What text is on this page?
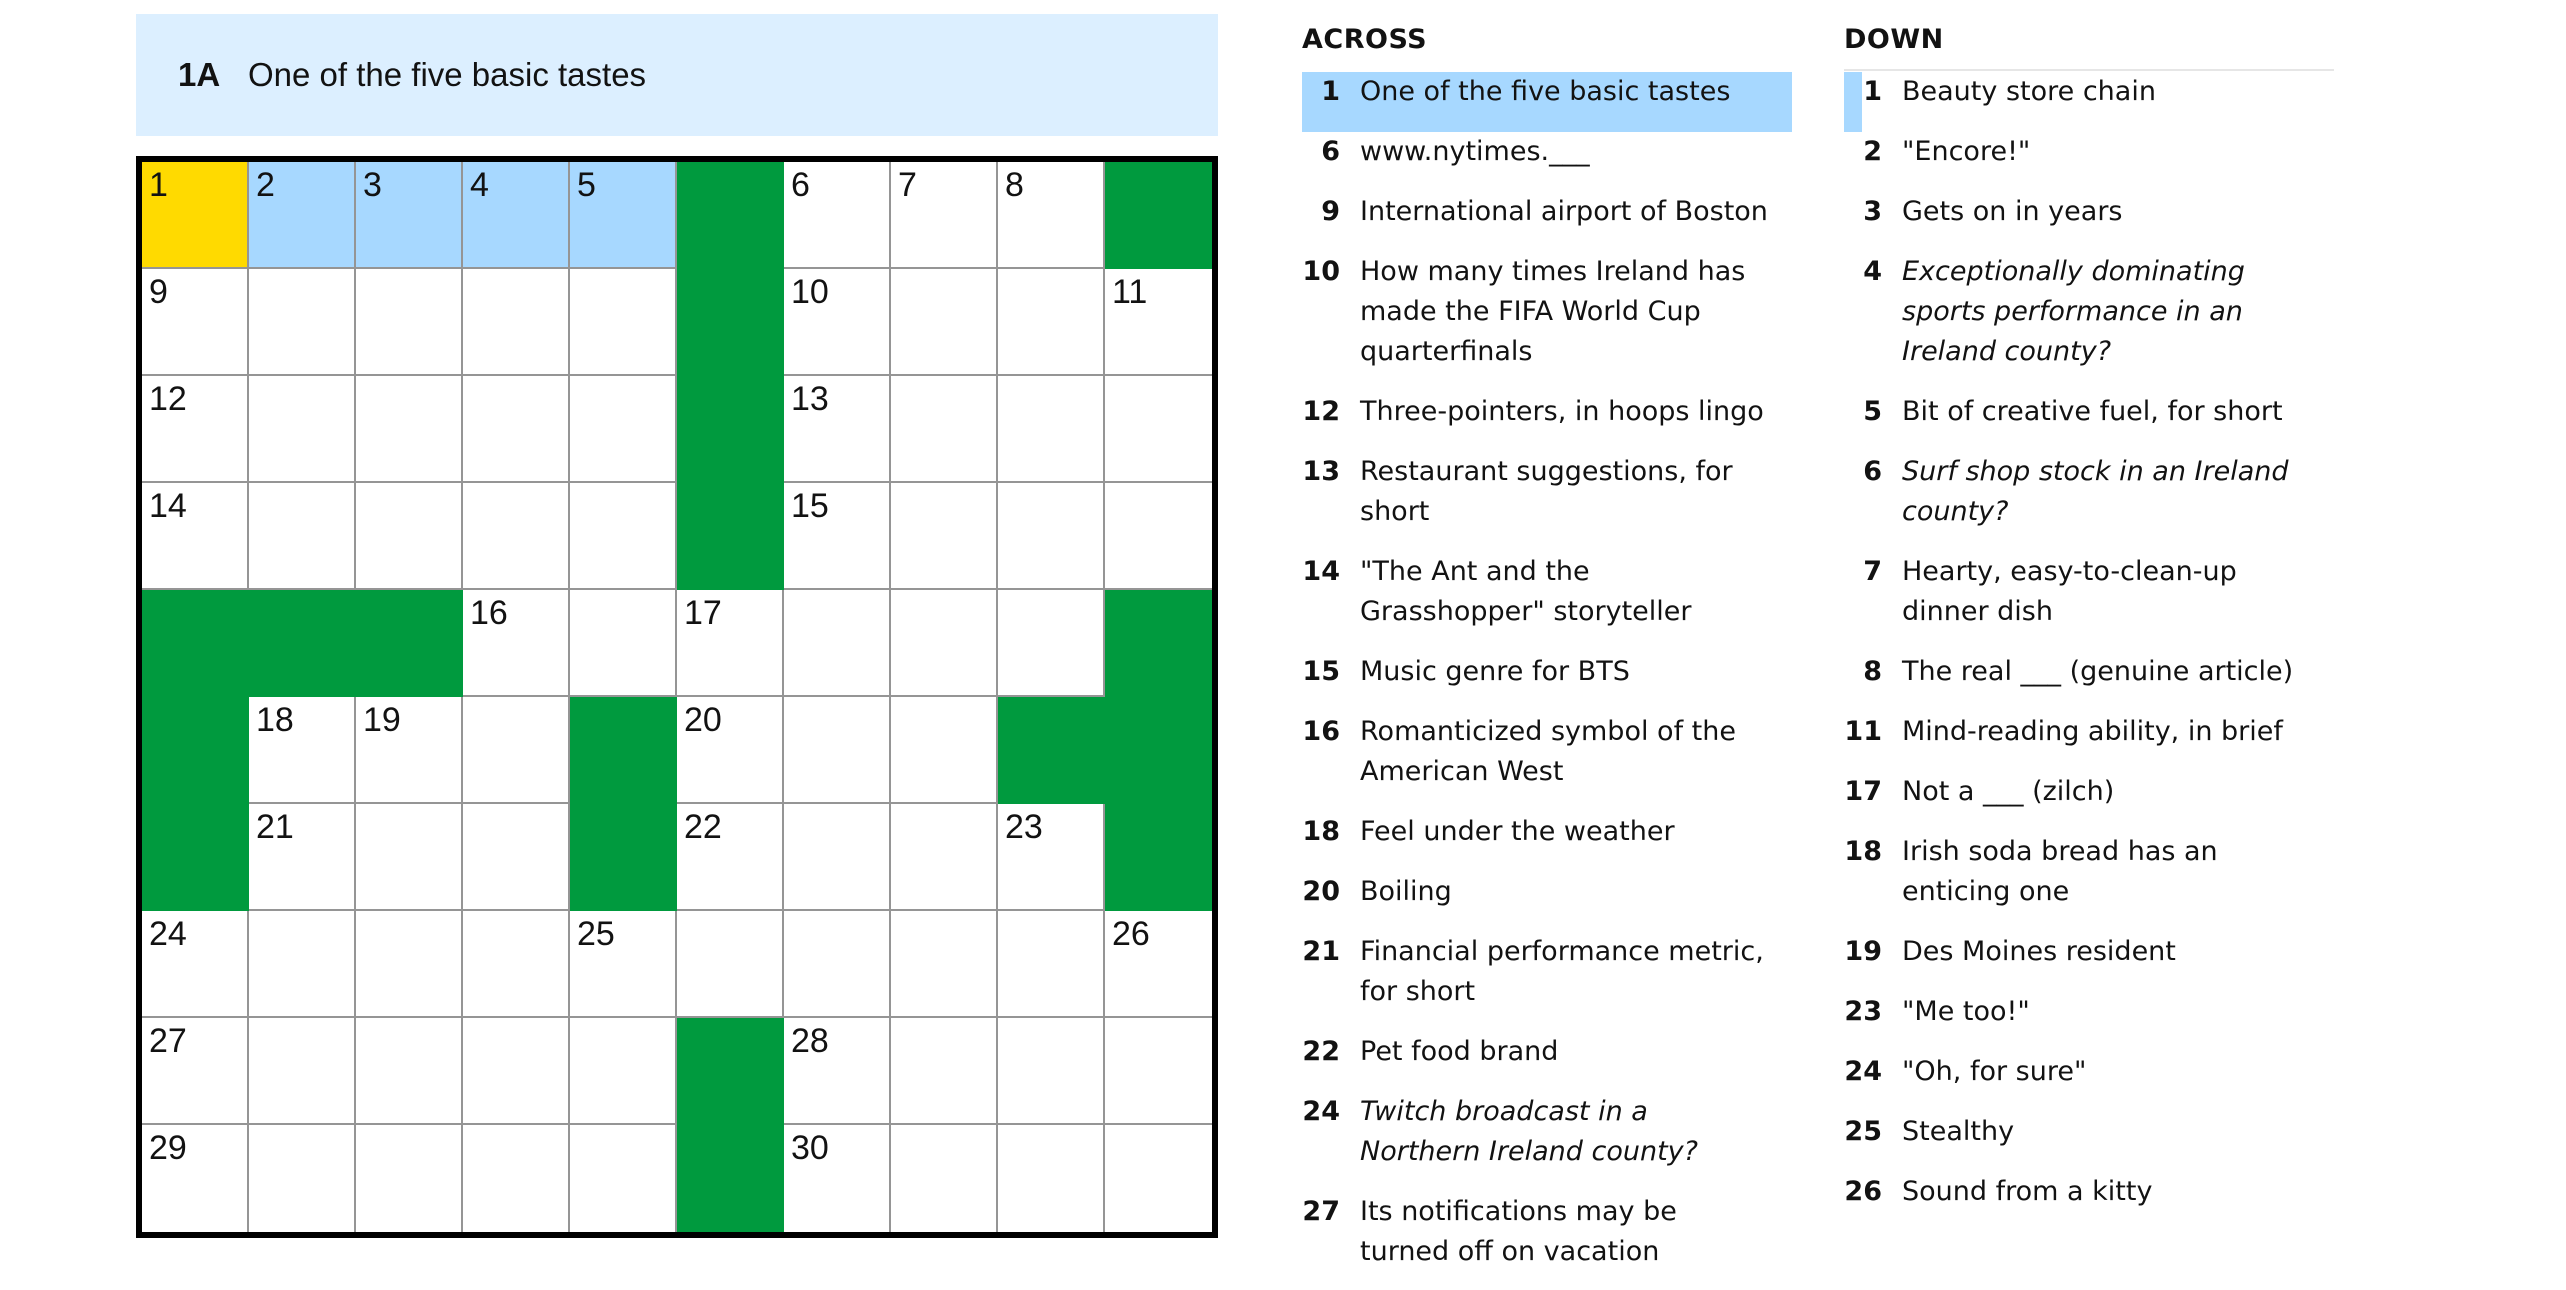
1A One of the five basic tastes
1	2	3	4	5	6	7	8
9	10	11
12	13
14	15
16	17
18 19	20
21	22	23
24	25	26
27	28
29	30
ACROSS
1 One of the five basic tastes
6 www.nytimes.___
9 International airport of Boston
10 How many times Ireland has made the FIFA World Cup quarterfinals
12 Three-pointers, in hoops lingo
13 Restaurant suggestions, for short
14 "The Ant and the Grasshopper" storyteller
15 Music genre for BTS
16 Romanticized symbol of the American West
18 Feel under the weather
20 Boiling
21 Financial performance metric, for short
22 Pet food brand
24 Twitch broadcast in a Northern Ireland county?
27 Its notifications may be turned off on vacation
DOWN
1 Beauty store chain
2 "Encore!"
3 Gets on in years
4 Exceptionally dominating sports performance in an Ireland county?
5 Bit of creative fuel, for short
6 Surf shop stock in an Ireland county?
7 Hearty, easy-to-clean-up dinner dish
8 The real ___ (genuine article)
11 Mind-reading ability, in brief
17 Not a ___ (zilch)
18 Irish soda bread has an enticing one
19 Des Moines resident
23 "Me too!"
24 "Oh, for sure"
25 Stealthy
26 Sound from a kitty
